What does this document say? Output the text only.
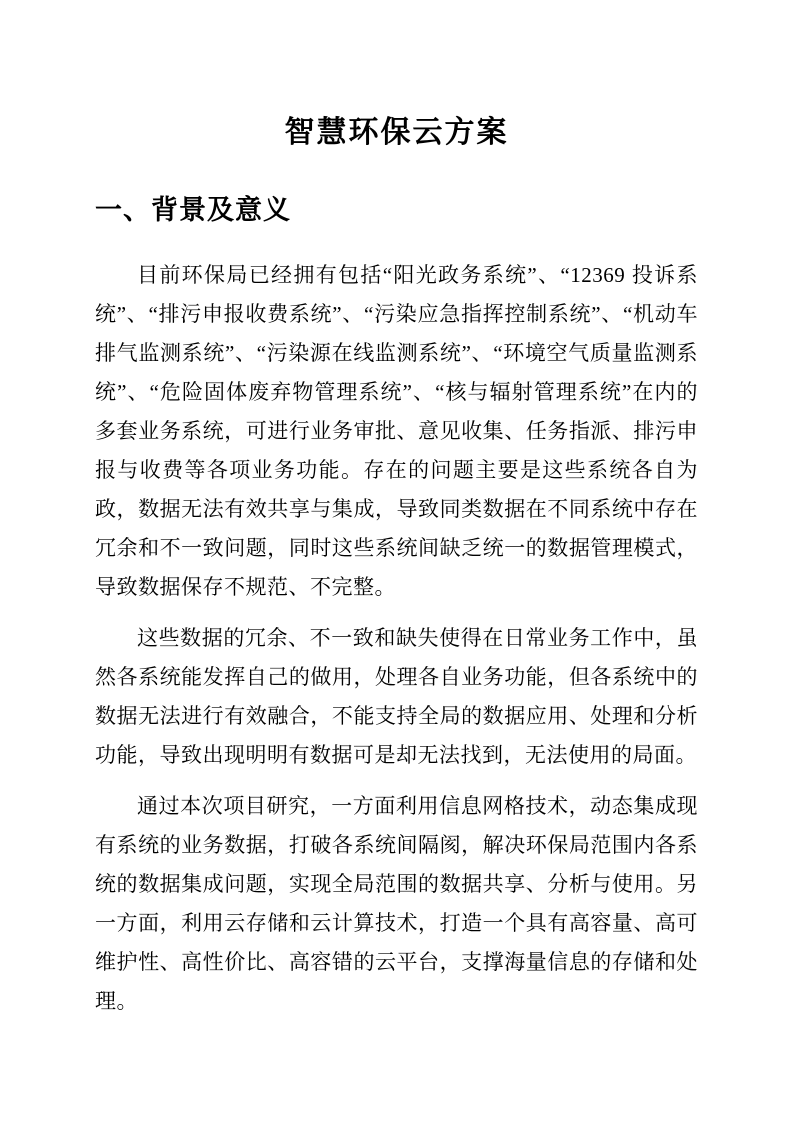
智慧环保云方案
一、背景及意义

目前环保局已经拥有包括“阳光政务系统”、“12369 投诉系统”、“排污申报收费系统”、“污染应急指挥控制系统”、“机动车排气监测系统”、“污染源在线监测系统”、“环境空气质量监测系统”、“危险固体废弃物管理系统”、“核与辐射管理系统”在内的多套业务系统，可进行业务审批、意见收集、任务指派、排污申报与收费等各项业务功能。存在的问题主要是这些系统各自为政，数据无法有效共享与集成，导致同类数据在不同系统中存在冗余和不一致问题，同时这些系统间缺乏统一的数据管理模式，导致数据保存不规范、不完整。

这些数据的冗余、不一致和缺失使得在日常业务工作中，虽然各系统能发挥自己的做用，处理各自业务功能，但各系统中的数据无法进行有效融合，不能支持全局的数据应用、处理和分析功能，导致出现明明有数据可是却无法找到，无法使用的局面。

通过本次项目研究，一方面利用信息网格技术，动态集成现有系统的业务数据，打破各系统间隔阂，解决环保局范围内各系统的数据集成问题，实现全局范围的数据共享、分析与使用。另一方面，利用云存储和云计算技术，打造一个具有高容量、高可维护性、高性价比、高容错的云平台，支撑海量信息的存储和处理。
